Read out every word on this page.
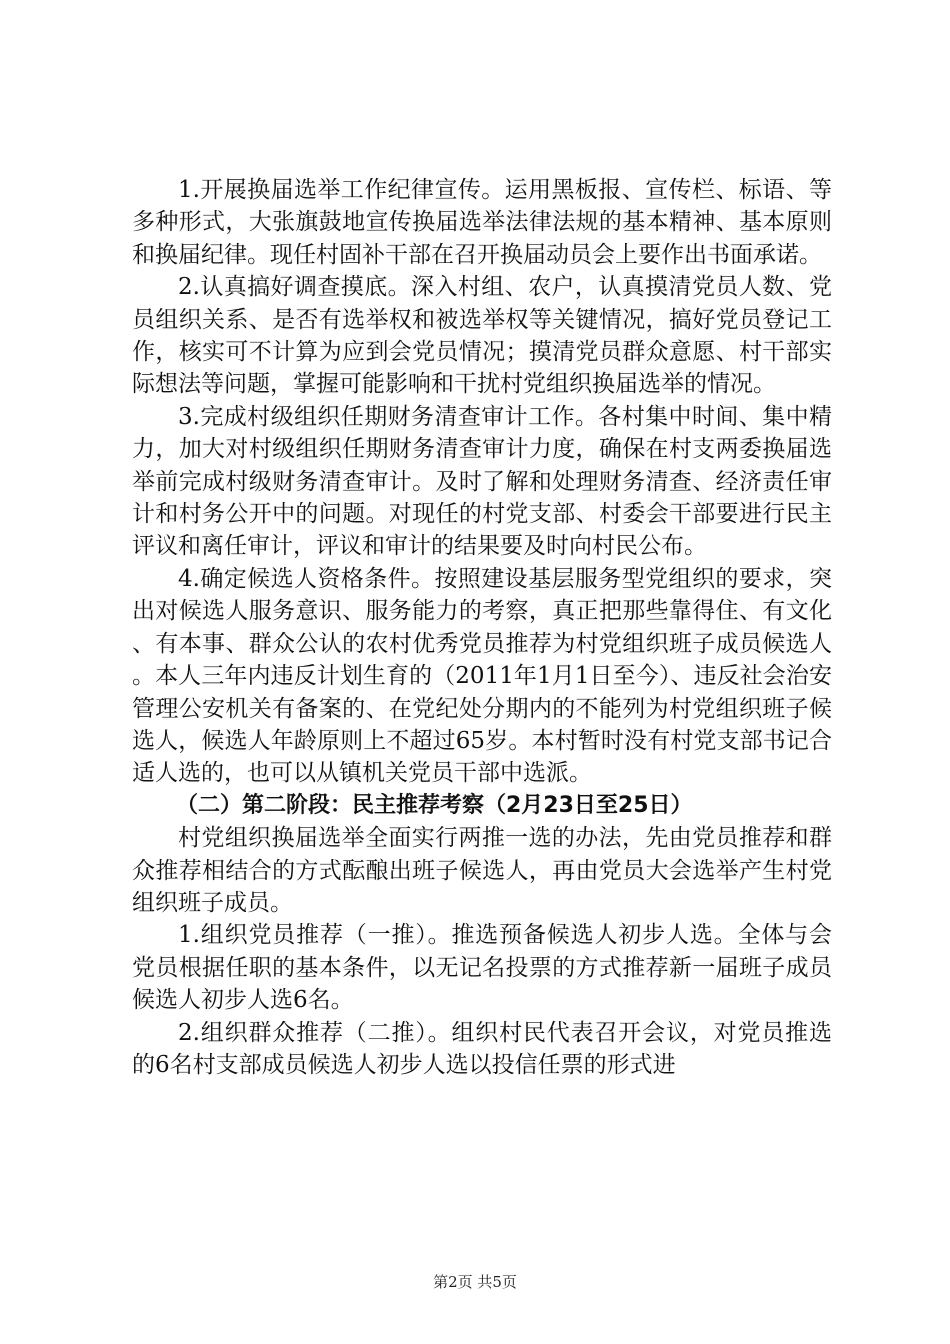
1.开展换届选举工作纪律宣传。运用黑板报、宣传栏、标语、等多种形式，大张旗鼓地宣传换届选举法律法规的基本精神、基本原则和换届纪律。现任村固补干部在召开换届动员会上要作出书面承诺。

2.认真搞好调查摸底。深入村组、农户，认真摸清党员人数、党员组织关系、是否有选举权和被选举权等关键情况，搞好党员登记工作，核实可不计算为应到会党员情况；摸清党员群众意愿、村干部实际想法等问题，掌握可能影响和干扰村党组织换届选举的情况。

3.完成村级组织任期财务清查审计工作。各村集中时间、集中精力，加大对村级组织任期财务清查审计力度，确保在村支两委换届选举前完成村级财务清查审计。及时了解和处理财务清查、经济责任审计和村务公开中的问题。对现任的村党支部、村委会干部要进行民主评议和离任审计，评议和审计的结果要及时向村民公布。

4.确定候选人资格条件。按照建设基层服务型党组织的要求，突出对候选人服务意识、服务能力的考察，真正把那些靠得住、有文化、有本事、群众公认的农村优秀党员推荐为村党组织班子成员候选人。本人三年内违反计划生育的（2011年1月1日至今）、违反社会治安管理公安机关有备案的、在党纪处分期内的不能列为村党组织班子候选人，候选人年龄原则上不超过65岁。本村暂时没有村党支部书记合适人选的，也可以从镇机关党员干部中选派。

（二）第二阶段：民主推荐考察（2月23日至25日）

村党组织换届选举全面实行两推一选的办法，先由党员推荐和群众推荐相结合的方式酝酿出班子候选人，再由党员大会选举产生村党组织班子成员。

1.组织党员推荐（一推）。推选预备候选人初步人选。全体与会党员根据任职的基本条件，以无记名投票的方式推荐新一届班子成员候选人初步人选6名。

2.组织群众推荐（二推）。组织村民代表召开会议，对党员推选的6名村支部成员候选人初步人选以投信任票的形式进

第2页 共5页
